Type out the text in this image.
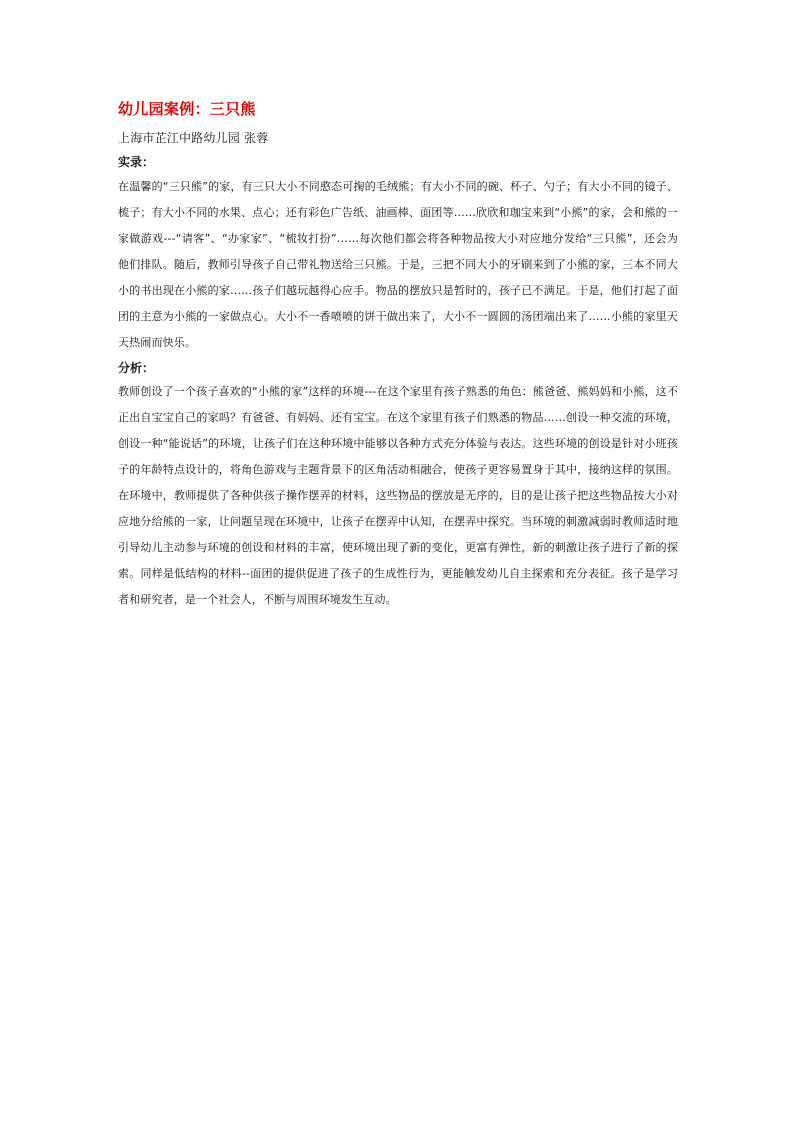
幼儿园案例：三只熊
上海市芷江中路幼儿园 张蓉
实录：
在温馨的“三只熊”的家，有三只大小不同憨态可掬的毛绒熊；有大小不同的碗、杯子、勺子；有大小不同的镜子、梳子；有大小不同的水果、点心；还有彩色广告纸、油画棒、面团等……欣欣和珈宝来到“小熊”的家，会和熊的一家做游戏---“请客”、“办家家”、“梳妆打扮”……每次他们都会将各种物品按大小对应地分发给“三只熊”，还会为他们排队。随后，教师引导孩子自己带礼物送给三只熊。于是，三把不同大小的牙刷来到了小熊的家，三本不同大小的书出现在小熊的家……孩子们越玩越得心应手。物品的摆放只是暂时的，孩子已不满足。于是，他们打起了面团的主意为小熊的一家做点心。大小不一香喷喷的饼干做出来了，大小不一圆圆的汤团端出来了……小熊的家里天天热闹而快乐。
分析：
教师创设了一个孩子喜欢的“小熊的家”这样的环境---在这个家里有孩子熟悉的角色：熊爸爸、熊妈妈和小熊，这不正出自宝宝自己的家吗？有爸爸、有妈妈、还有宝宝。在这个家里有孩子们熟悉的物品……创设一种交流的环境，创设一种“能说话”的环境，让孩子们在这种环境中能够以各种方式充分体验与表达。这些环境的创设是针对小班孩子的年龄特点设计的，将角色游戏与主题背景下的区角活动相融合，使孩子更容易置身于其中，接纳这样的氛围。在环境中，教师提供了各种供孩子操作摆弄的材料，这些物品的摆放是无序的，目的是让孩子把这些物品按大小对应地分给熊的一家，让问题呈现在环境中，让孩子在摆弄中认知，在摆弄中探究。当环境的刺激减弱时教师适时地引导幼儿主动参与环境的创设和材料的丰富，使环境出现了新的变化，更富有弹性，新的刺激让孩子进行了新的探索。同样是低结构的材料--面团的提供促进了孩子的生成性行为，更能触发幼儿自主探索和充分表征。孩子是学习者和研究者，是一个社会人，不断与周围环境发生互动。
